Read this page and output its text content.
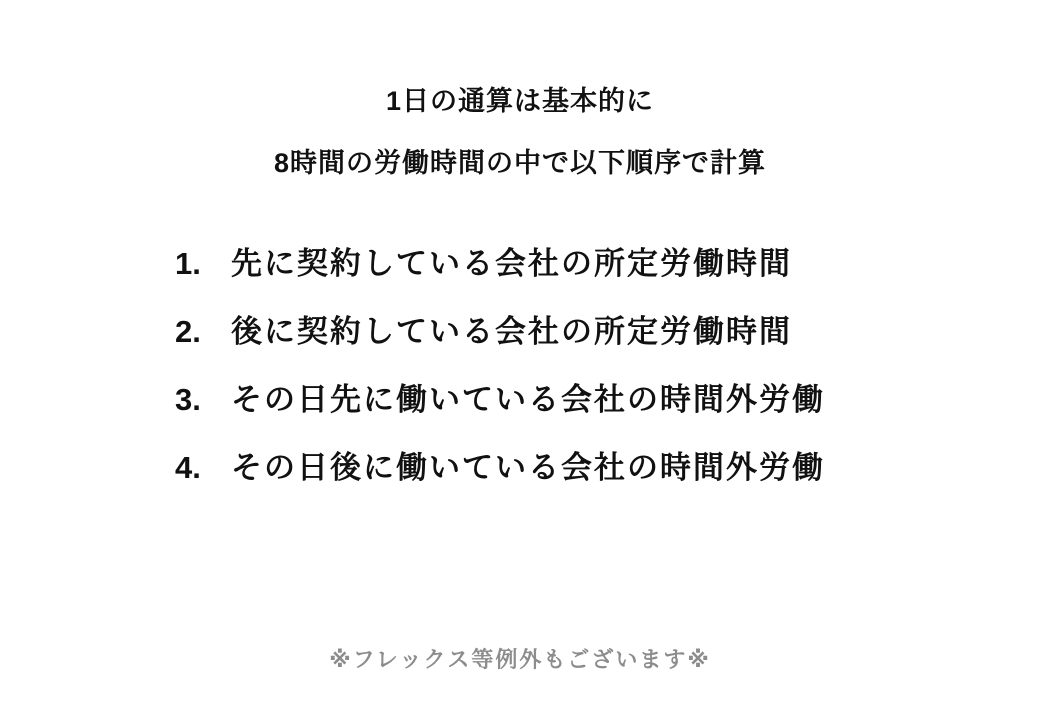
1日の通算は基本的に
8時間の労働時間の中で以下順序で計算
1. 先に契約している会社の所定労働時間
2. 後に契約している会社の所定労働時間
3. その日先に働いている会社の時間外労働
4. その日後に働いている会社の時間外労働
※フレックス等例外もございます※
